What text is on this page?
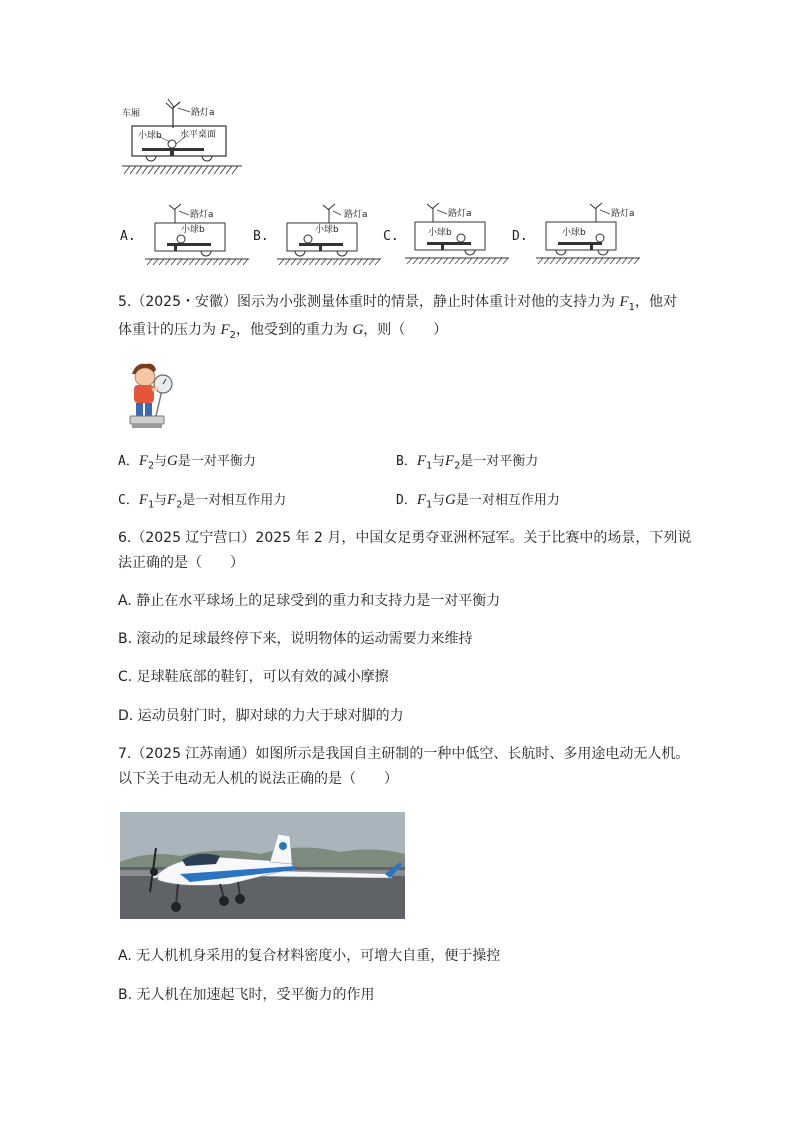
车厢	路灯a
小球b 水平桌面
A.
路灯a
小球b	B.
路灯a
小球b	C.
路灯a
小球b	D.
路灯a
小球b
5.（2025・安徽）图示为小张测量体重时的情景，静止时体重计对他的支持力为 $F_1$，他对
体重计的压力为 $F_2$，他受到的重力为 G，则（　　）
A．$F_2$与G是一对平衡力	B．$F_1$与$F_2$是一对平衡力
C．$F_1$与$F_2$是一对相互作用力	D．$F_1$与G是一对相互作用力
6.（2025 辽宁营口）2025 年 2 月，中国女足勇夺亚洲杯冠军。关于比赛中的场景，下列说
法正确的是（　　）
A. 静止在水平球场上的足球受到的重力和支持力是一对平衡力
B. 滚动的足球最终停下来，说明物体的运动需要力来维持
C. 足球鞋底部的鞋钉，可以有效的减小摩擦
D. 运动员射门时，脚对球的力大于球对脚的力
7.（2025 江苏南通）如图所示是我国自主研制的一种中低空、长航时、多用途电动无人机。
以下关于电动无人机的说法正确的是（　　）
A. 无人机机身采用的复合材料密度小，可增大自重，便于操控
B. 无人机在加速起飞时，受平衡力的作用
